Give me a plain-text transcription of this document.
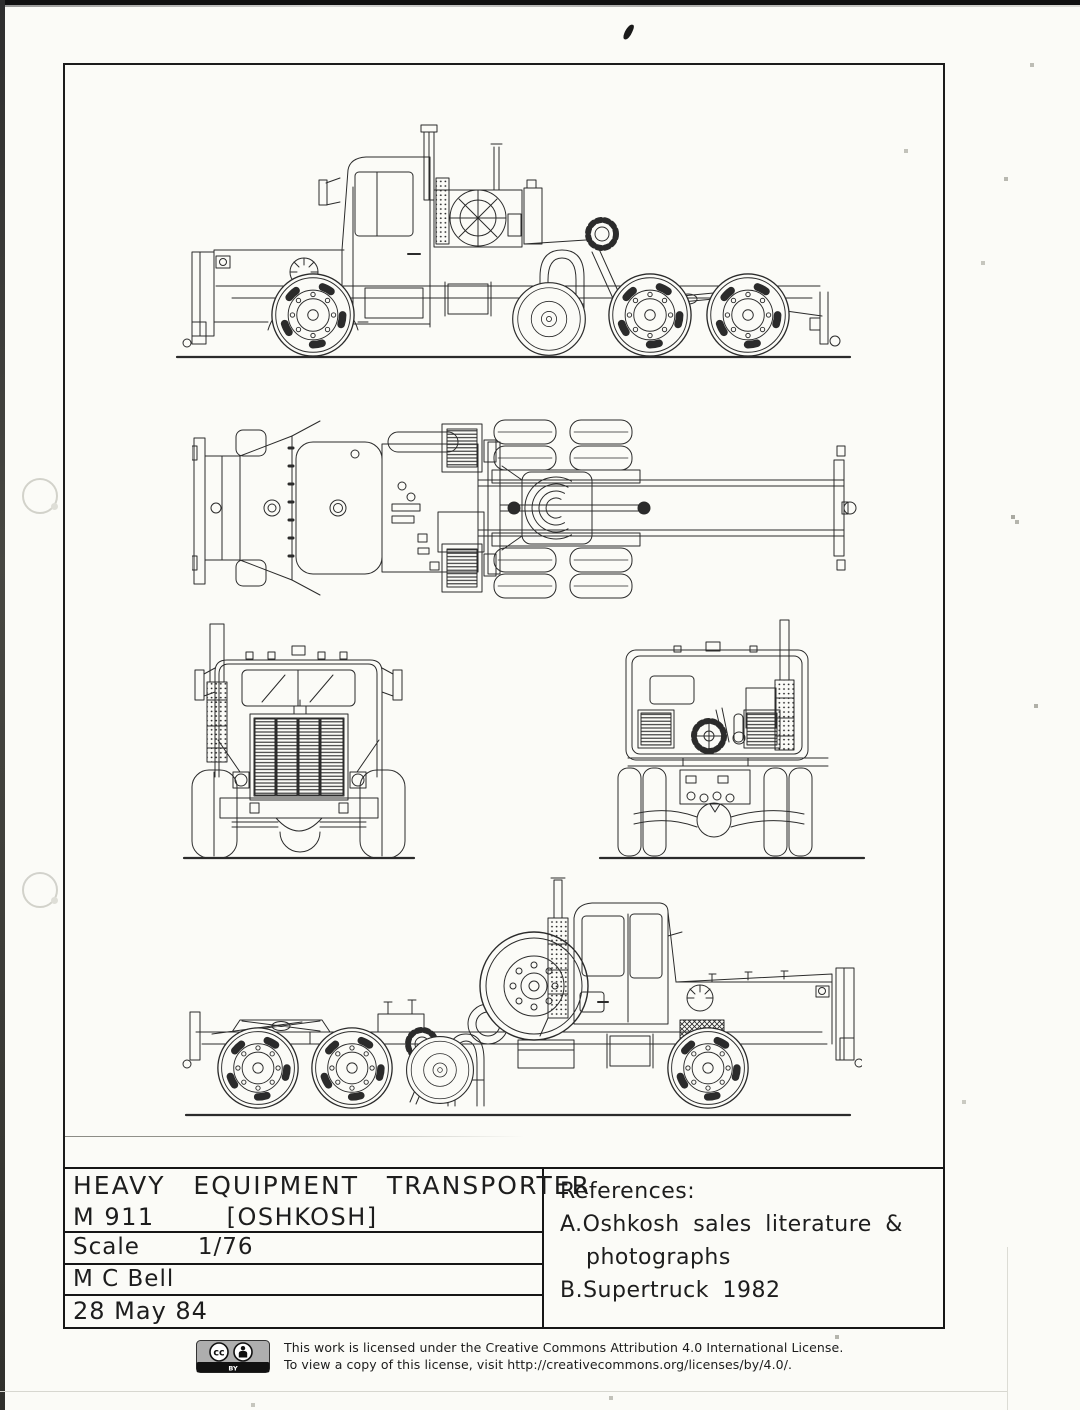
HEAVY EQUIPMENT TRANSPORTER
M 911	[OSHKOSH]
Scale	1/76
M C Bell
28 May 84
References:
A.Oshkosh sales literature &
photographs
B.Supertruck 1982
cc
BY
This work is licensed under the Creative Commons Attribution 4.0 International License.
To view a copy of this license, visit http://creativecommons.org/licenses/by/4.0/.
